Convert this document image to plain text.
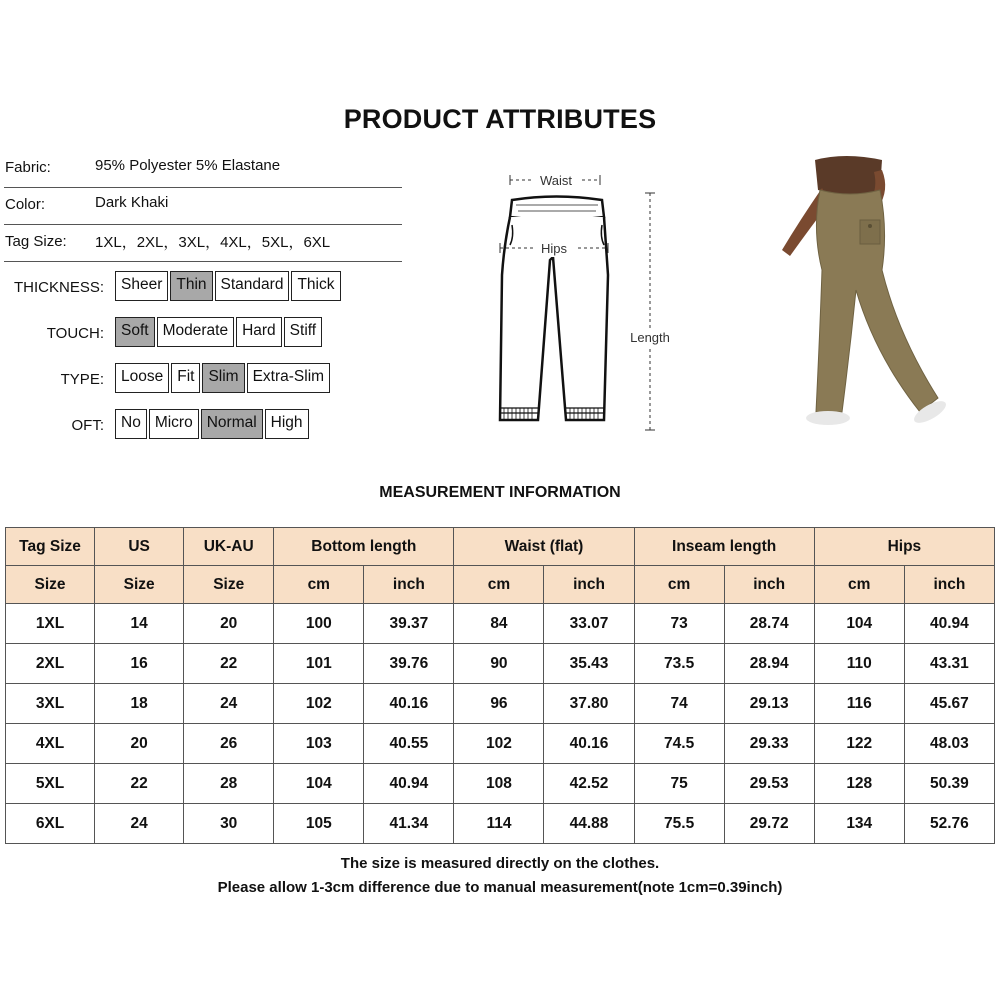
PRODUCT ATTRIBUTES
Fabric:	95% Polyester 5% Elastane
Color:	Dark Khaki
Tag Size: 1XL，2XL，3XL，4XL，5XL，6XL
THICKNESS:	Sheer Thin Standard Thick
TOUCH:	Soft Moderate Hard Stiff
TYPE:	Loose Fit Slim Extra-Slim
OFT:	No Micro Normal High
Waist
Hips
Length
MEASUREMENT INFORMATION
Tag Size	US	UK-AU	Bottom length		Waist (flat)		Inseam length		Hips	
Size	Size	Size	cm	inch	cm	inch	cm	inch	cm	inch
1XL	14	20	100	39.37	84	33.07	73	28.74	104	40.94
2XL	16	22	101	39.76	90	35.43	73.5	28.94	110	43.31
3XL	18	24	102	40.16	96	37.80	74	29.13	116	45.67
4XL	20	26	103	40.55	102	40.16	74.5	29.33	122	48.03
5XL	22	28	104	40.94	108	42.52	75	29.53	128	50.39
6XL	24	30	105	41.34	114	44.88	75.5	29.72	134	52.76
The size is measured directly on the clothes.
Please allow 1-3cm difference due to manual measurement(note 1cm=0.39inch)
